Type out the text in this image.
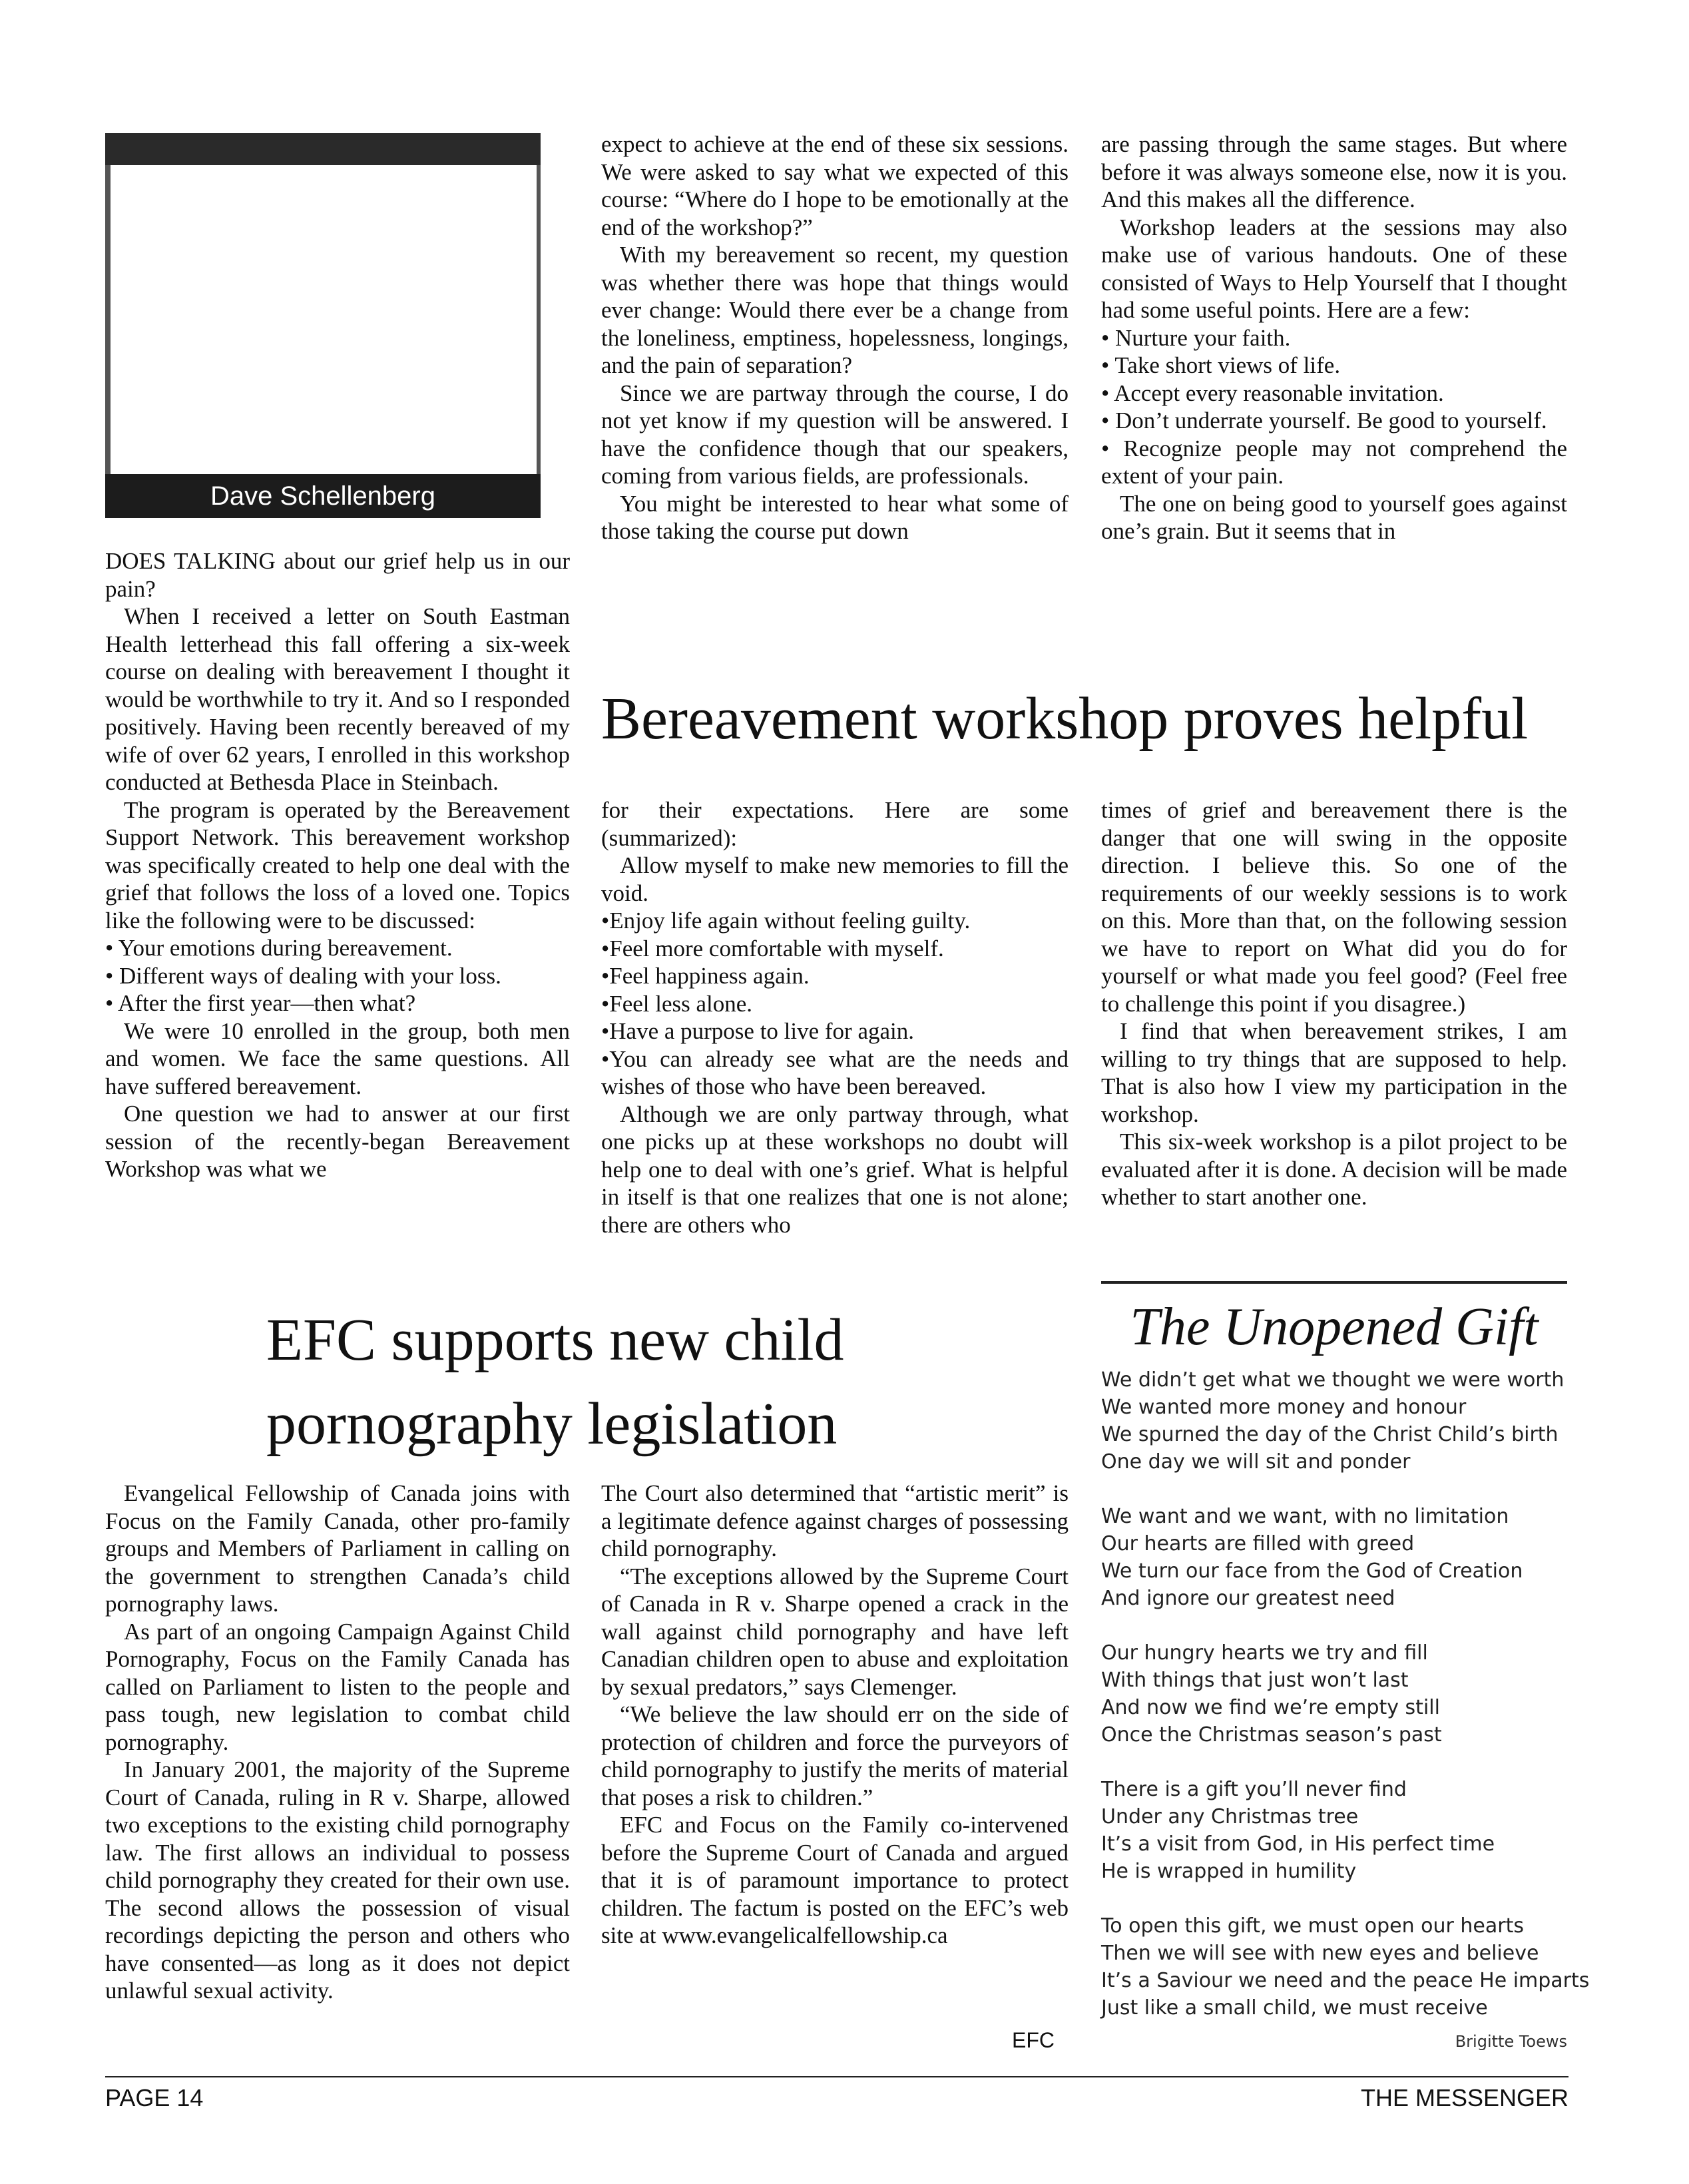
Dave Schellenberg

DOES TALKING about our grief help us in our pain?

When I received a letter on South Eastman Health letterhead this fall offering a six-week course on dealing with bereavement I thought it would be worthwhile to try it. And so I responded positively. Having been recently bereaved of my wife of over 62 years, I enrolled in this workshop conducted at Bethesda Place in Steinbach.

The program is operated by the Bereavement Support Network. This bereavement workshop was specifically created to help one deal with the grief that follows the loss of a loved one. Topics like the following were to be discussed:

• Your emotions during bereavement.

• Different ways of dealing with your loss.

• After the first year—then what?

We were 10 enrolled in the group, both men and women. We face the same questions. All have suffered bereavement.

One question we had to answer at our first session of the recently-began Bereavement Workshop was what we

expect to achieve at the end of these six sessions. We were asked to say what we expected of this course: “Where do I hope to be emotionally at the end of the workshop?”

With my bereavement so recent, my question was whether there was hope that things would ever change: Would there ever be a change from the loneliness, emptiness, hopelessness, longings, and the pain of separation?

Since we are partway through the course, I do not yet know if my question will be answered. I have the confidence though that our speakers, coming from various fields, are professionals.

You might be interested to hear what some of those taking the course put down

are passing through the same stages. But where before it was always someone else, now it is you. And this makes all the difference.

Workshop leaders at the sessions may also make use of various handouts. One of these consisted of Ways to Help Yourself that I thought had some useful points. Here are a few:

• Nurture your faith.

• Take short views of life.

• Accept every reasonable invitation.

• Don’t underrate yourself. Be good to yourself.

• Recognize people may not comprehend the extent of your pain.

The one on being good to yourself goes against one’s grain. But it seems that in

Bereavement workshop proves helpful

for their expectations. Here are some (summarized):

Allow myself to make new memories to fill the void.

•Enjoy life again without feeling guilty.

•Feel more comfortable with myself.

•Feel happiness again.

•Feel less alone.

•Have a purpose to live for again.

•You can already see what are the needs and wishes of those who have been bereaved.

Although we are only partway through, what one picks up at these workshops no doubt will help one to deal with one’s grief. What is helpful in itself is that one realizes that one is not alone; there are others who

times of grief and bereavement there is the danger that one will swing in the opposite direction. I believe this. So one of the requirements of our weekly sessions is to work on this. More than that, on the following session we have to report on What did you do for yourself or what made you feel good? (Feel free to challenge this point if you disagree.)

I find that when bereavement strikes, I am willing to try things that are supposed to help. That is also how I view my participation in the workshop.

This six-week workshop is a pilot project to be evaluated after it is done. A decision will be made whether to start another one.

EFC supports new child
pornography legislation

Evangelical Fellowship of Canada joins with Focus on the Family Canada, other pro-family groups and Members of Parliament in calling on the government to strengthen Canada’s child pornography laws.

As part of an ongoing Campaign Against Child Pornography, Focus on the Family Canada has called on Parliament to listen to the people and pass tough, new legislation to combat child pornography.

In January 2001, the majority of the Supreme Court of Canada, ruling in R v. Sharpe, allowed two exceptions to the existing child pornography law. The first allows an individual to possess child pornography they created for their own use. The second allows the possession of visual recordings depicting the person and others who have consented—as long as it does not depict unlawful sexual activity.

The Court also determined that “artistic merit” is a legitimate defence against charges of possessing child pornography.

“The exceptions allowed by the Supreme Court of Canada in R v. Sharpe opened a crack in the wall against child pornography and have left Canadian children open to abuse and exploitation by sexual predators,” says Clemenger.

“We believe the law should err on the side of protection of children and force the purveyors of child pornography to justify the merits of material that poses a risk to children.”

EFC and Focus on the Family co-intervened before the Supreme Court of Canada and argued that it is of paramount importance to protect children. The factum is posted on the EFC’s web site at www.evangelicalfellowship.ca

EFC
The Unopened Gift
We didn’t get what we thought we were worth
We wanted more money and honour
We spurned the day of the Christ Child’s birth
One day we will sit and ponder
We want and we want, with no limitation
Our hearts are filled with greed
We turn our face from the God of Creation
And ignore our greatest need
Our hungry hearts we try and fill
With things that just won’t last
And now we find we’re empty still
Once the Christmas season’s past
There is a gift you’ll never find
Under any Christmas tree
It’s a visit from God, in His perfect time
He is wrapped in humility
To open this gift, we must open our hearts
Then we will see with new eyes and believe
It’s a Saviour we need and the peace He imparts
Just like a small child, we must receive
Brigitte Toews
PAGE 14	THE MESSENGER
